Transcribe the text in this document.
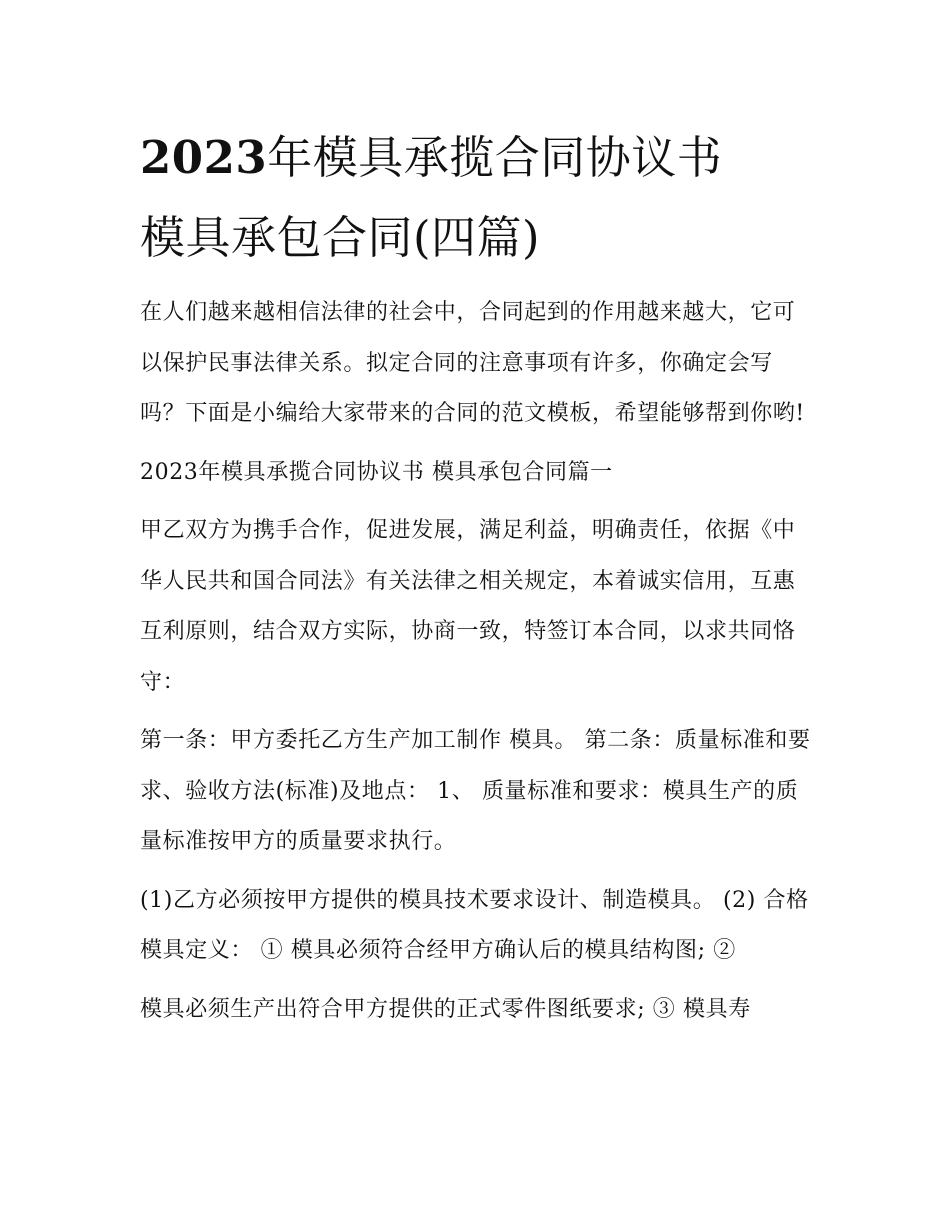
2023年模具承揽合同协议书
模具承包合同(四篇)

在人们越来越相信法律的社会中，合同起到的作用越来越大，它可以保护民事法律关系。拟定合同的注意事项有许多，你确定会写吗？下面是小编给大家带来的合同的范文模板，希望能够帮到你哟!

2023年模具承揽合同协议书 模具承包合同篇一

甲乙双方为携手合作，促进发展，满足利益，明确责任，依据《中华人民共和国合同法》有关法律之相关规定，本着诚实信用，互惠互利原则，结合双方实际，协商一致，特签订本合同，以求共同恪守：

第一条：甲方委托乙方生产加工制作 模具。 第二条：质量标准和要求、验收方法(标准)及地点： 1、 质量标准和要求：模具生产的质量标准按甲方的质量要求执行。

(1)乙方必须按甲方提供的模具技术要求设计、制造模具。 (2) 合格模具定义： ① 模具必须符合经甲方确认后的模具结构图; ②

模具必须生产出符合甲方提供的正式零件图纸要求; ③ 模具寿
